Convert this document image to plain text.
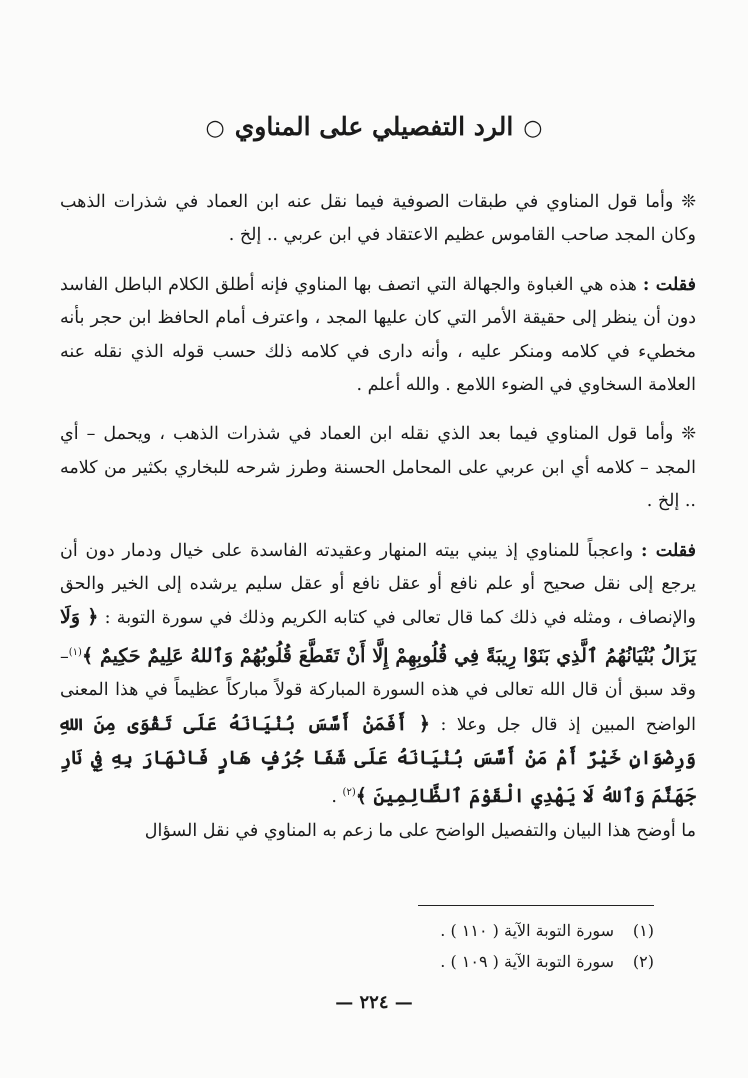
○الرد التفصيلي على المناوي○

❊ وأما قول المناوي في طبقات الصوفية فيما نقل عنه ابن العماد في شذرات الذهب وكان المجد صاحب القاموس عظيم الاعتقاد في ابن عربي .. إلخ .

فقلت : هذه هي الغباوة والجهالة التي اتصف بها المناوي فإنه أطلق الكلام الباطل الفاسد دون أن ينظر إلى حقيقة الأمر التي كان عليها المجد ، واعترف أمام الحافظ ابن حجر بأنه مخطيء في كلامه ومنكر عليه ، وأنه دارى في كلامه ذلك حسب قوله الذي نقله عنه العلامة السخاوي في الضوء اللامع . والله أعلم .

❊ وأما قول المناوي فيما بعد الذي نقله ابن العماد في شذرات الذهب ، ويحمل – أي المجد – كلامه أي ابن عربي على المحامل الحسنة وطرز شرحه للبخاري بكثير من كلامه .. إلخ .

فقلت : واعجباً للمناوي إذ يبني بيته المنهار وعقيدته الفاسدة على خيال ودمار دون أن يرجع إلى نقل صحيح أو علم نافع أو عقل نافع أو عقل سليم يرشده إلى الخير والحق والإنصاف ، ومثله في ذلك كما قال تعالى في كتابه الكريم وذلك في سورة التوبة : ﴿ وَلَا يَزَالُ بُنْيَانُهُمُ ٱلَّذِي بَنَوْا رِيبَةً فِي قُلُوبِهِمْ إِلَّا أَنْ تَقَطَّعَ قُلُوبُهُمْ وَٱللهُ عَلِيمٌ حَكِيمٌ ﴾$^{(١)}$– وقد سبق أن قال الله تعالى في هذه السورة المباركة قولاً مباركاً عظيماً في هذا المعنى الواضح المبين إذ قال جل وعلا : ﴿ أَفَمَنْ أَسَّسَ بُنْيَانَهُ عَلَى تَقْوَى مِنَ اللهِ وَرِضْوَانٍ خَيْرٌ أَمْ مَنْ أَسَّسَ بُنْيَانَهُ عَلَى شَفَا جُرُفٍ هَارٍ فَانْهَارَ بِهِ فِي نَارِ جَهَنَّمَ وَٱللهُ لَا يَهْدِي الْقَوْمَ ٱلظَّالِمِينَ ﴾$^{(٢)}$ .

ما أوضح هذا البيان والتفصيل الواضح على ما زعم به المناوي في نقل السؤال

(١)سورة التوبة الآية ( ١١٠ ) .
(٢)سورة التوبة الآية ( ١٠٩ ) .
— ٢٢٤ —
